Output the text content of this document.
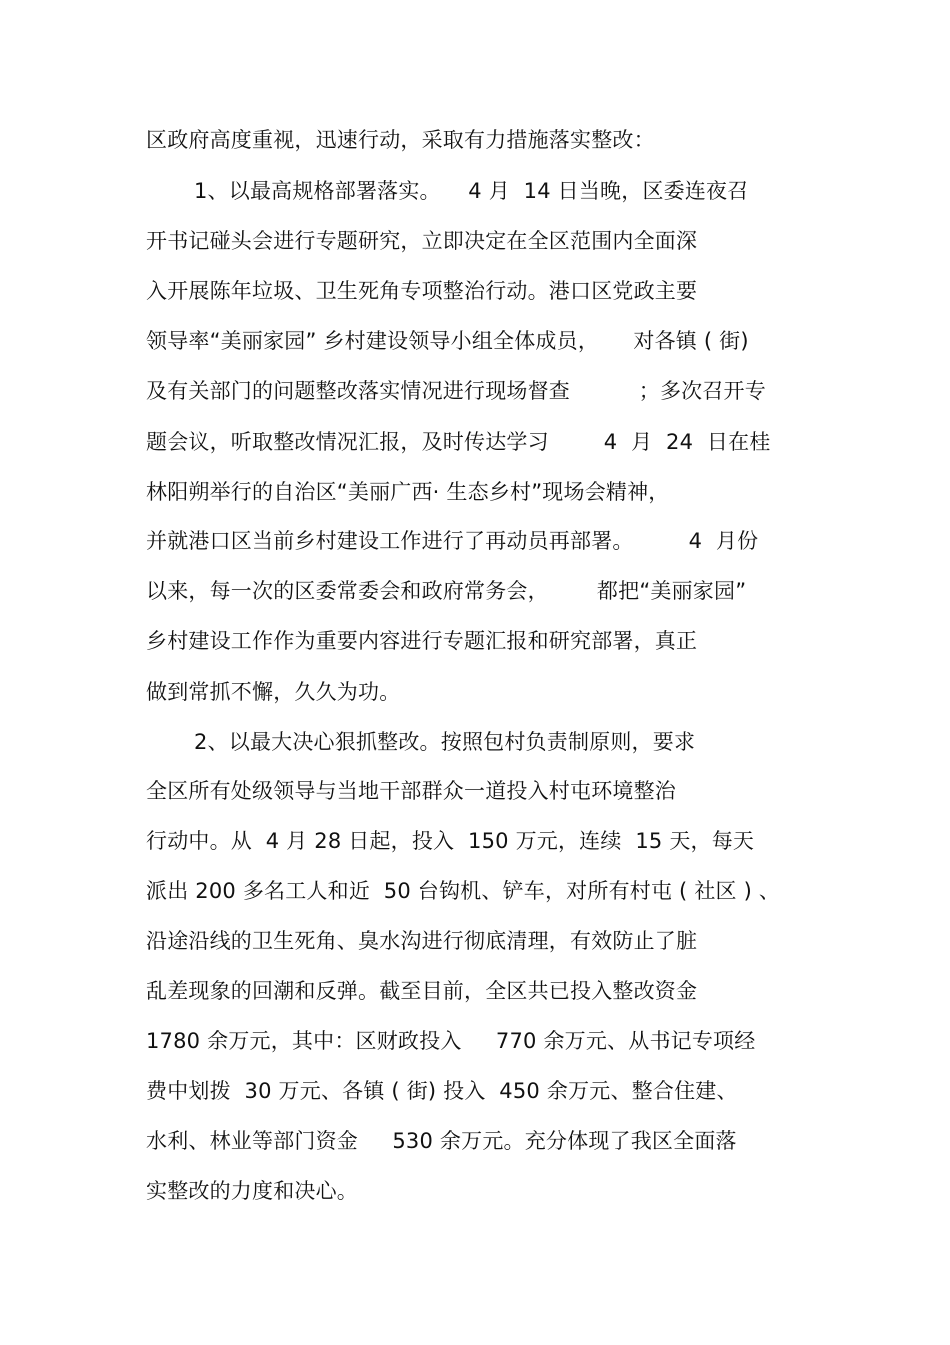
区政府高度重视，迅速行动，采取有力措施落实整改：
1、以最高规格部署落实。    4 月  14 日当晚，区委连夜召
开书记碰头会进行专题研究，立即决定在全区范围内全面深
入开展陈年垃圾、卫生死角专项整治行动。港口区党政主要
领导率“美丽家园” 乡村建设领导小组全体成员，     对各镇 ( 街)
及有关部门的问题整改落实情况进行现场督查          ；多次召开专
题会议，听取整改情况汇报，及时传达学习        4  月  24  日在桂
林阳朔举行的自治区“美丽广西· 生态乡村”现场会精神，
并就港口区当前乡村建设工作进行了再动员再部署。        4  月份
以来，每一次的区委常委会和政府常务会，       都把“美丽家园”
乡村建设工作作为重要内容进行专题汇报和研究部署，真正
做到常抓不懈，久久为功。
2、以最大决心狠抓整改。按照包村负责制原则，要求
全区所有处级领导与当地干部群众一道投入村屯环境整治
行动中。从  4 月 28 日起，投入  150 万元，连续  15 天，每天
派出 200 多名工人和近  50 台钩机、铲车，对所有村屯 ( 社区 ) 、
沿途沿线的卫生死角、臭水沟进行彻底清理，有效防止了脏
乱差现象的回潮和反弹。截至目前，全区共已投入整改资金
1780 余万元，其中：区财政投入     770 余万元、从书记专项经
费中划拨  30 万元、各镇 ( 街) 投入  450 余万元、整合住建、
水利、林业等部门资金     530 余万元。充分体现了我区全面落
实整改的力度和决心。
